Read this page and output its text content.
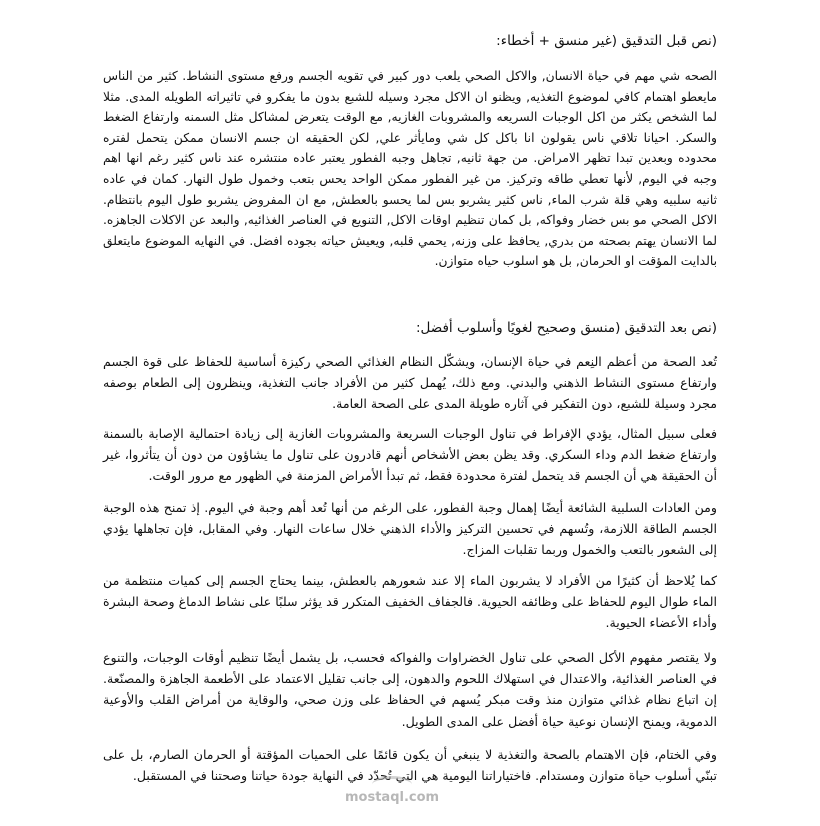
(نص قبل التدقيق (غير منسق + أخطاء:
الصحه شي مهم في حياة الانسان, والاكل الصحي يلعب دور كبير في تقويه الجسم ورفع مستوى النشاط. كثير من الناس مايعطو اهتمام كافي لموضوع التغذيه, ويظنو ان الاكل مجرد وسيله للشبع بدون ما يفكرو في تاثيراته الطويله المدى. مثلا لما الشخص يكثر من اكل الوجبات السريعه والمشروبات الغازيه, مع الوقت يتعرض لمشاكل مثل السمنه وارتفاع الضغط والسكر. احيانا تلاقي ناس يقولون انا باكل كل شي ومايأثر علي, لكن الحقيقه ان جسم الانسان ممكن يتحمل لفتره محدوده وبعدين تبدا تظهر الامراض. من جهة ثانيه, تجاهل وجبه الفطور يعتبر عاده منتشره عند ناس كثير رغم انها اهم وجبه في اليوم, لأنها تعطي طاقه وتركيز. من غير الفطور ممكن الواحد يحس بتعب وخمول طول النهار. كمان في عاده ثانيه سلبيه وهي قلة شرب الماء, ناس كثير يشربو بس لما يحسو بالعطش, مع ان المفروض يشربو طول اليوم بانتظام. الاكل الصحي مو بس خضار وفواكه, بل كمان تنظيم اوقات الاكل, التنويع في العناصر الغذائيه, والبعد عن الاكلات الجاهزه. لما الانسان يهتم بصحته من بدري, يحافظ على وزنه, يحمي قلبه, ويعيش حياته بجوده افضل. في النهايه الموضوع مايتعلق بالدايت المؤقت او الحرمان, بل هو اسلوب حياه متوازن.
(نص بعد التدقيق (منسق وصحيح لغويًا وأسلوب أفضل:
تُعد الصحة من أعظم النِعم في حياة الإنسان، ويشكّل النظام الغذائي الصحي ركيزة أساسية للحفاظ على قوة الجسم وارتفاع مستوى النشاط الذهني والبدني. ومع ذلك، يُهمل كثير من الأفراد جانب التغذية، وينظرون إلى الطعام بوصفه مجرد وسيلة للشبع، دون التفكير في آثاره طويلة المدى على الصحة العامة.
فعلى سبيل المثال، يؤدي الإفراط في تناول الوجبات السريعة والمشروبات الغازية إلى زيادة احتمالية الإصابة بالسمنة وارتفاع ضغط الدم وداء السكري. وقد يظن بعض الأشخاص أنهم قادرون على تناول ما يشاؤون من دون أن يتأثروا، غير أن الحقيقة هي أن الجسم قد يتحمل لفترة محدودة فقط، ثم تبدأ الأمراض المزمنة في الظهور مع مرور الوقت.
ومن العادات السلبية الشائعة أيضًا إهمال وجبة الفطور، على الرغم من أنها تُعد أهم وجبة في اليوم. إذ تمنح هذه الوجبة الجسم الطاقة اللازمة، وتُسهم في تحسين التركيز والأداء الذهني خلال ساعات النهار. وفي المقابل، فإن تجاهلها يؤدي إلى الشعور بالتعب والخمول وربما تقلبات المزاج.
كما يُلاحظ أن كثيرًا من الأفراد لا يشربون الماء إلا عند شعورهم بالعطش، بينما يحتاج الجسم إلى كميات منتظمة من الماء طوال اليوم للحفاظ على وظائفه الحيوية. فالجفاف الخفيف المتكرر قد يؤثر سلبًا على نشاط الدماغ وصحة البشرة وأداء الأعضاء الحيوية.
ولا يقتصر مفهوم الأكل الصحي على تناول الخضراوات والفواكه فحسب، بل يشمل أيضًا تنظيم أوقات الوجبات، والتنوع في العناصر الغذائية، والاعتدال في استهلاك اللحوم والدهون، إلى جانب تقليل الاعتماد على الأطعمة الجاهزة والمصنّعة. إن اتباع نظام غذائي متوازن منذ وقت مبكر يُسهم في الحفاظ على وزن صحي، والوقاية من أمراض القلب والأوعية الدموية، ويمنح الإنسان نوعية حياة أفضل على المدى الطويل.
وفي الختام، فإن الاهتمام بالصحة والتغذية لا ينبغي أن يكون قائمًا على الحميات المؤقتة أو الحرمان الصارم، بل على تبنّي أسلوب حياة متوازن ومستدام. فاختياراتنا اليومية هي التي تُحدّد في النهاية جودة حياتنا وصحتنا في المستقبل.
mostaql.com
